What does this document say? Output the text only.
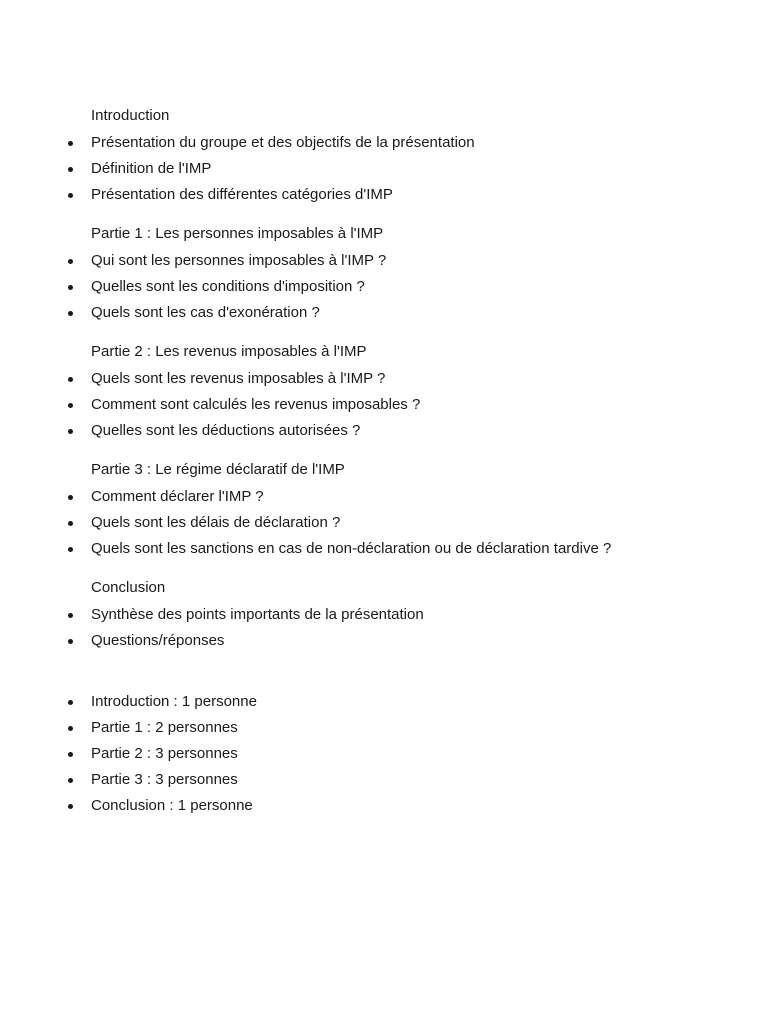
Introduction
Présentation du groupe et des objectifs de la présentation
Définition de l'IMP
Présentation des différentes catégories d'IMP
Partie 1 : Les personnes imposables à l'IMP
Qui sont les personnes imposables à l'IMP ?
Quelles sont les conditions d'imposition ?
Quels sont les cas d'exonération ?
Partie 2 : Les revenus imposables à l'IMP
Quels sont les revenus imposables à l'IMP ?
Comment sont calculés les revenus imposables ?
Quelles sont les déductions autorisées ?
Partie 3 : Le régime déclaratif de l'IMP
Comment déclarer l'IMP ?
Quels sont les délais de déclaration ?
Quels sont les sanctions en cas de non-déclaration ou de déclaration tardive ?
Conclusion
Synthèse des points importants de la présentation
Questions/réponses
Introduction : 1 personne
Partie 1 : 2 personnes
Partie 2 : 3 personnes
Partie 3 : 3 personnes
Conclusion : 1 personne
